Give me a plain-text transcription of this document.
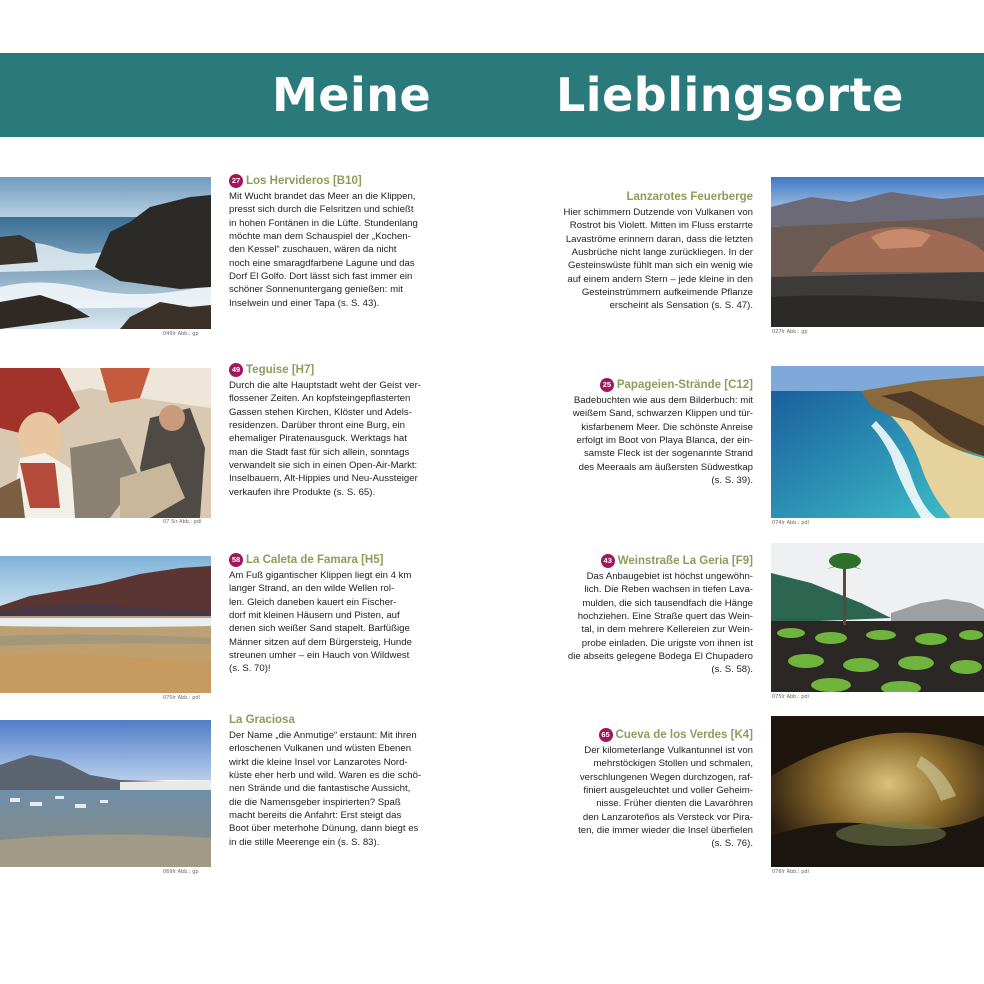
Meine	Lieblingsorte
049lr Abb.: gp
07 Sir Abb.: pdl
070lr Abb.: pdl
069lr Abb.: gp
027lr Abb.: gp
074lr Abb.: pdl
075lr Abb.: pdl
076lr Abb.: pdl
27 Los Hervideros [B10]
Mit Wucht brandet das Meer an die Klippen,
presst sich durch die Felsritzen und schießt
in hohen Fontänen in die Lüfte. Stundenlang
möchte man dem Schauspiel der „Kochen-
den Kessel“ zuschauen, wären da nicht
noch eine smaragdfarbene Lagune und das
Dorf El Golfo. Dort lässt sich fast immer ein
schöner Sonnenuntergang genießen: mit
Inselwein und einer Tapa (s. S. 43).
49 Teguise [H7]
Durch die alte Hauptstadt weht der Geist ver-
flossener Zeiten. An kopfsteingepflasterten
Gassen stehen Kirchen, Klöster und Adels-
residenzen. Darüber thront eine Burg, ein
ehemaliger Piratenausguck. Werktags hat
man die Stadt fast für sich allein, sonntags
verwandelt sie sich in einen Open-Air-Markt:
Inselbauern, Alt-Hippies und Neu-Aussteiger
verkaufen ihre Produkte (s. S. 65).
58 La Caleta de Famara [H5]
Am Fuß gigantischer Klippen liegt ein 4 km
langer Strand, an den wilde Wellen rol-
len. Gleich daneben kauert ein Fischer-
dorf mit kleinen Häusern und Pisten, auf
denen sich weißer Sand stapelt. Barfüßige
Männer sitzen auf dem Bürgersteig, Hunde
streunen umher – ein Hauch von Wildwest
(s. S. 70)!
La Graciosa
Der Name „die Anmutige“ erstaunt: Mit ihren
erloschenen Vulkanen und wüsten Ebenen
wirkt die kleine Insel vor Lanzarotes Nord-
küste eher herb und wild. Waren es die schö-
nen Strände und die fantastische Aussicht,
die die Namensgeber inspirierten? Spaß
macht bereits die Anfahrt: Erst steigt das
Boot über meterhohe Dünung, dann biegt es
in die stille Meerenge ein (s. S. 83).
Lanzarotes Feuerberge
Hier schimmern Dutzende von Vulkanen von
Rostrot bis Violett. Mitten im Fluss erstarrte
Lavaströme erinnern daran, dass die letzten
Ausbrüche nicht lange zurückliegen. In der
Gesteinswüste fühlt man sich ein wenig wie
auf einem andern Stern – jede kleine in den
Gesteinstrümmern aufkeimende Pflanze
erscheint als Sensation (s. S. 47).
25 Papageien-Strände [C12]
Badebuchten wie aus dem Bilderbuch: mit
weißem Sand, schwarzen Klippen und tür-
kisfarbenem Meer. Die schönste Anreise
erfolgt im Boot von Playa Blanca, der ein-
samste Fleck ist der sogenannte Strand
des Meeraals am äußersten Südwestkap
(s. S. 39).
43 Weinstraße La Geria [F9]
Das Anbaugebiet ist höchst ungewöhn-
lich. Die Reben wachsen in tiefen Lava-
mulden, die sich tausendfach die Hänge
hochziehen. Eine Straße quert das Wein-
tal, in dem mehrere Kellereien zur Wein-
probe einladen. Die urigste von ihnen ist
die abseits gelegene Bodega El Chupadero
(s. S. 58).
65 Cueva de los Verdes [K4]
Der kilometerlange Vulkantunnel ist von
mehrstöckigen Stollen und schmalen,
verschlungenen Wegen durchzogen, raf-
finiert ausgeleuchtet und voller Geheim-
nisse. Früher dienten die Lavaröhren
den Lanzaroteños als Versteck vor Pira-
ten, die immer wieder die Insel überfielen
(s. S. 76).
